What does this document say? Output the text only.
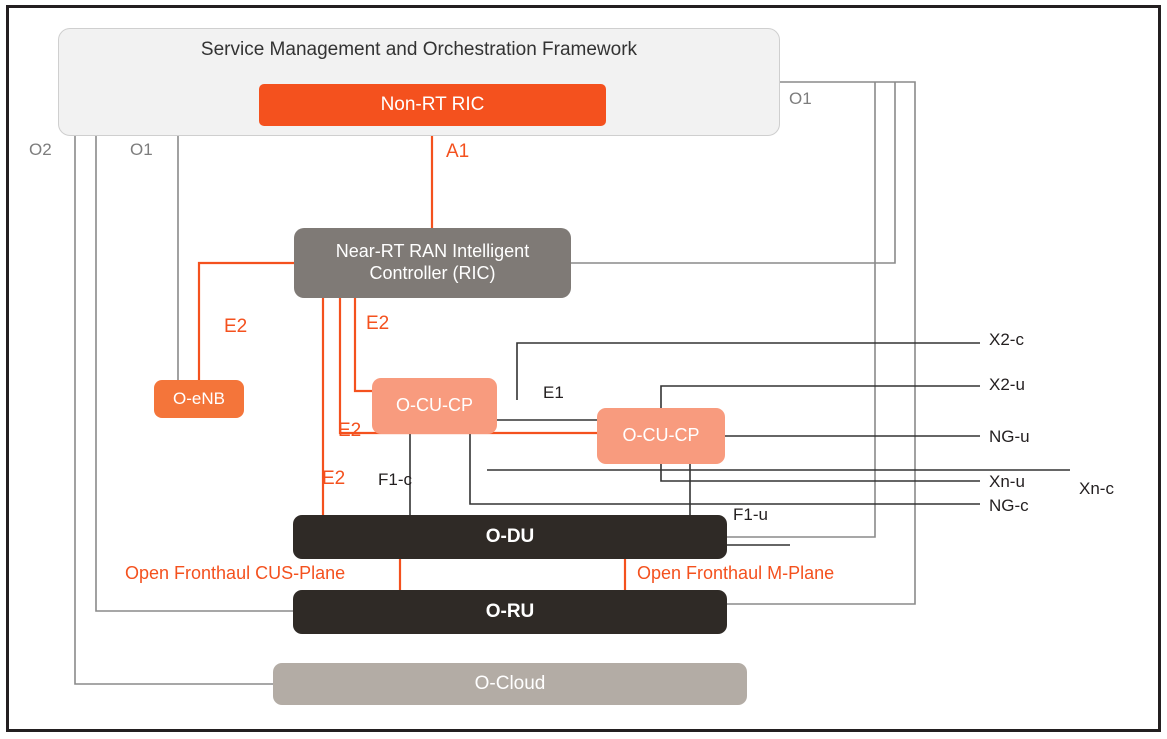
Service Management and Orchestration Framework
Non-RT RIC
Near-RT RAN Intelligent Controller (RIC)
O-eNB	O-CU-CP
O-CU-CP
O-DU
O-RU
O-Cloud
O1
O2	O1	A1
E2	E2
E2
E2
E1
F1-c
F1-u
X2-c
X2-u
NG-u
Xn-u	Xn-c
NG-c
Open Fronthaul CUS-Plane	Open Fronthaul M-Plane
